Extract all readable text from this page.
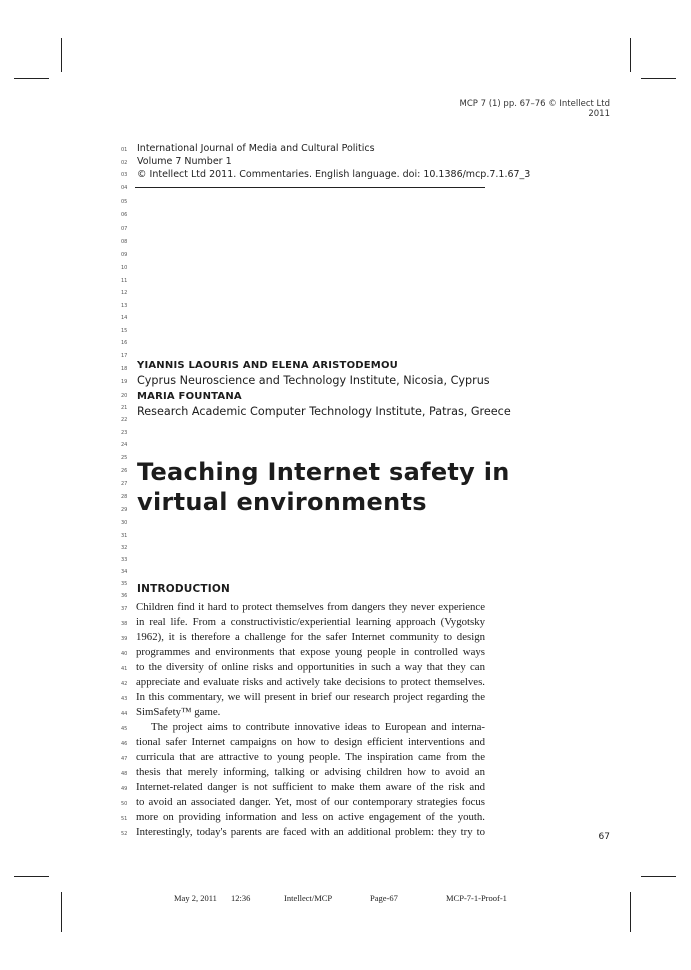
MCP 7 (1) pp. 67–76 © Intellect Ltd 2011
International Journal of Media and Cultural Politics
Volume 7 Number 1
© Intellect Ltd 2011. Commentaries. English language. doi: 10.1386/mcp.7.1.67_3
01
02
03
04
05
06
07
08
09
10
11
12
13
14
15
16
17
18
19
20
21
22
23
24
25
26
27
28
29
30
31
32
33
34
35
36
37
38
39
40
41
42
43
44
45
46
47
48
49
50
51
52
YIANNIS LAOURIS AND ELENA ARISTODEMOU
Cyprus Neuroscience and Technology Institute, Nicosia, Cyprus
MARIA FOUNTANA
Research Academic Computer Technology Institute, Patras, Greece
Teaching Internet safety in
virtual environments
INTRODUCTION
Children find it hard to protect themselves from dangers they never experience
in real life. From a constructivistic/experiential learning approach (Vygotsky
1962), it is therefore a challenge for the safer Internet community to design
programmes and environments that expose young people in controlled ways
to the diversity of online risks and opportunities in such a way that they can
appreciate and evaluate risks and actively take decisions to protect themselves.
In this commentary, we will present in brief our research project regarding the
SimSafety™ game.
The project aims to contribute innovative ideas to European and interna-
tional safer Internet campaigns on how to design efficient interventions and
curricula that are attractive to young people. The inspiration came from the
thesis that merely informing, talking or advising children how to avoid an
Internet-related danger is not sufficient to make them aware of the risk and
to avoid an associated danger. Yet, most of our contemporary strategies focus
more on providing information and less on active engagement of the youth.
Interestingly, today's parents are faced with an additional problem: they try to	67
May 2, 2011 12:36	Intellect/MCP	Page-67	MCP-7-1-Proof-1
